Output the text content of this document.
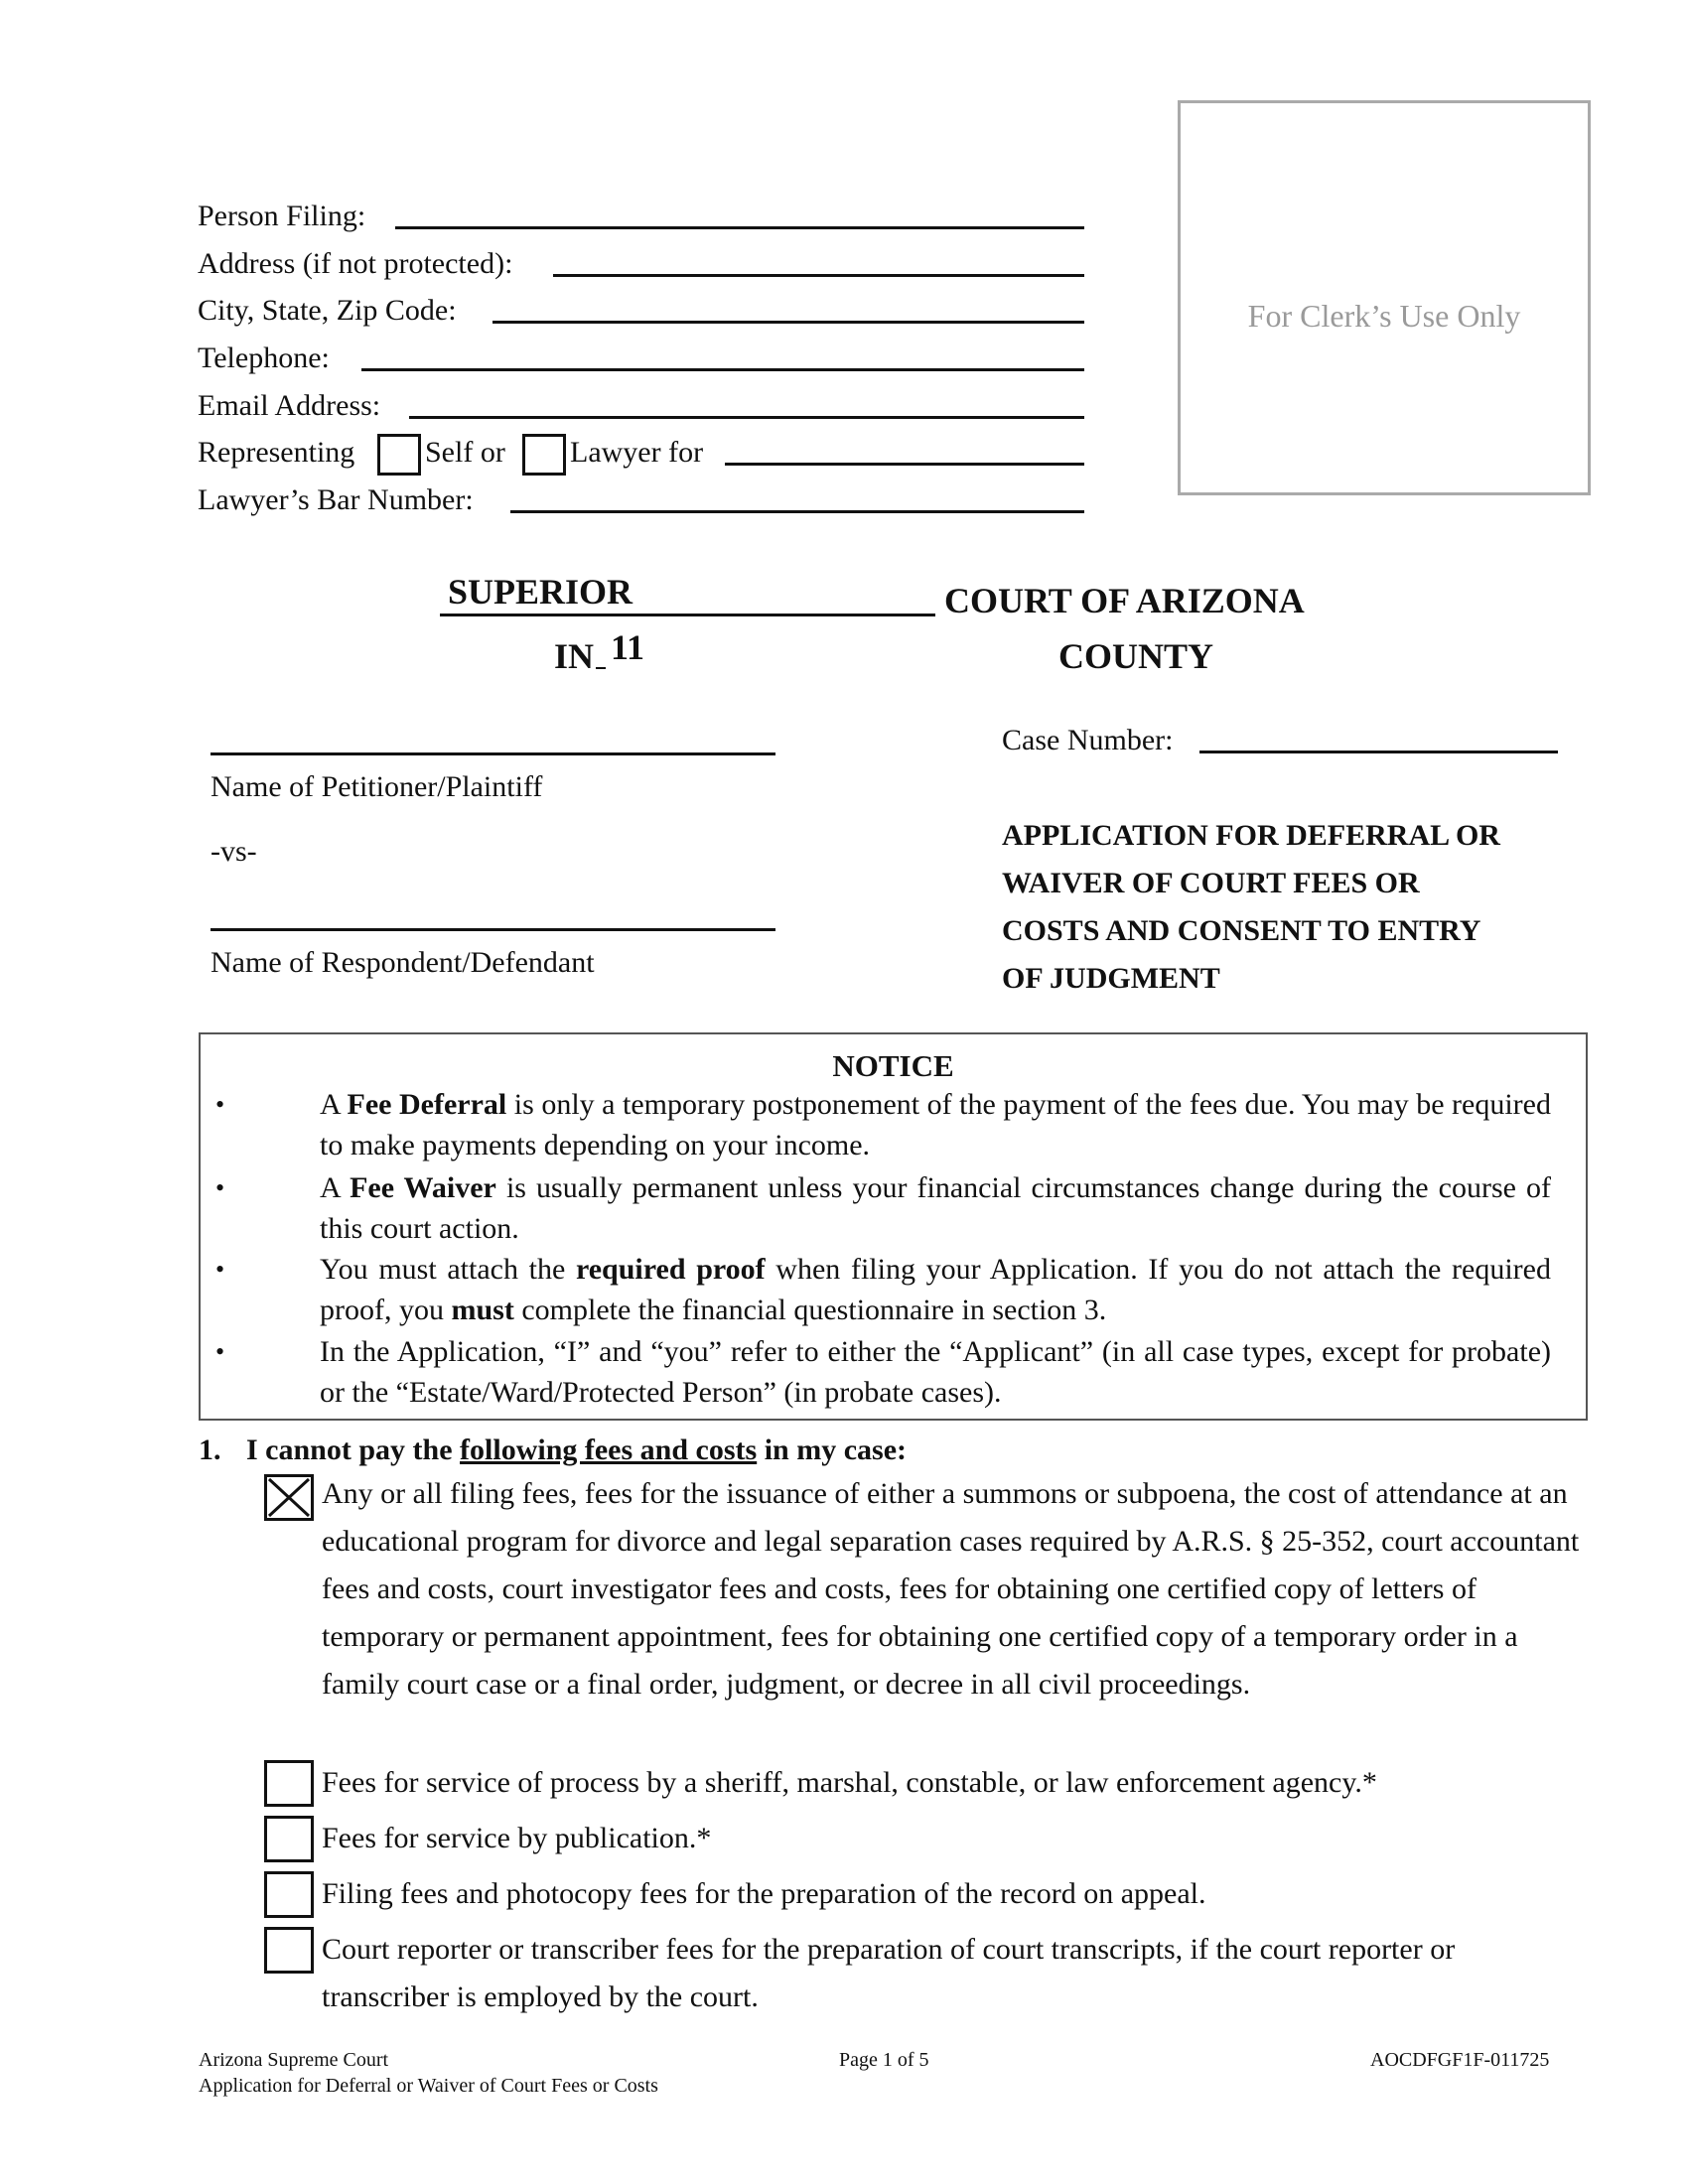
Person Filing:
Address (if not protected):
City, State, Zip Code:
Telephone:
Email Address:
Representing Self or Lawyer for
Lawyer’s Bar Number:
For Clerk’s Use Only
SUPERIOR	COURT OF ARIZONA
IN 11	COUNTY
Name of Petitioner/Plaintiff
-vs-
Name of Respondent/Defendant
Case Number:
APPLICATION FOR DEFERRAL OR
WAIVER OF COURT FEES OR
COSTS AND CONSENT TO ENTRY
OF JUDGMENT
NOTICE
•	A Fee Deferral is only a temporary postponement of the payment of the fees due. You may be required to make payments depending on your income.
•	A Fee Waiver is usually permanent unless your financial circumstances change during the course of this court action.
•	You must attach the required proof when filing your Application. If you do not attach the required proof, you must complete the financial questionnaire in section 3.
•	In the Application, “I” and “you” refer to either the “Applicant” (in all case types, except for probate) or the “Estate/Ward/Protected Person” (in probate cases).
1. I cannot pay the following fees and costs in my case:
Any or all filing fees, fees for the issuance of either a summons or subpoena, the cost of attendance at an educational program for divorce and legal separation cases required by A.R.S. § 25-352, court accountant fees and costs, court investigator fees and costs, fees for obtaining one certified copy of letters of temporary or permanent appointment, fees for obtaining one certified copy of a temporary order in a family court case or a final order, judgment, or decree in all civil proceedings.
Fees for service of process by a sheriff, marshal, constable, or law enforcement agency.*
Fees for service by publication.*
Filing fees and photocopy fees for the preparation of the record on appeal.
Court reporter or transcriber fees for the preparation of court transcripts, if the court reporter or transcriber is employed by the court.
Arizona Supreme Court
Application for Deferral or Waiver of Court Fees or Costs
Page 1 of 5	AOCDFGF1F-011725
